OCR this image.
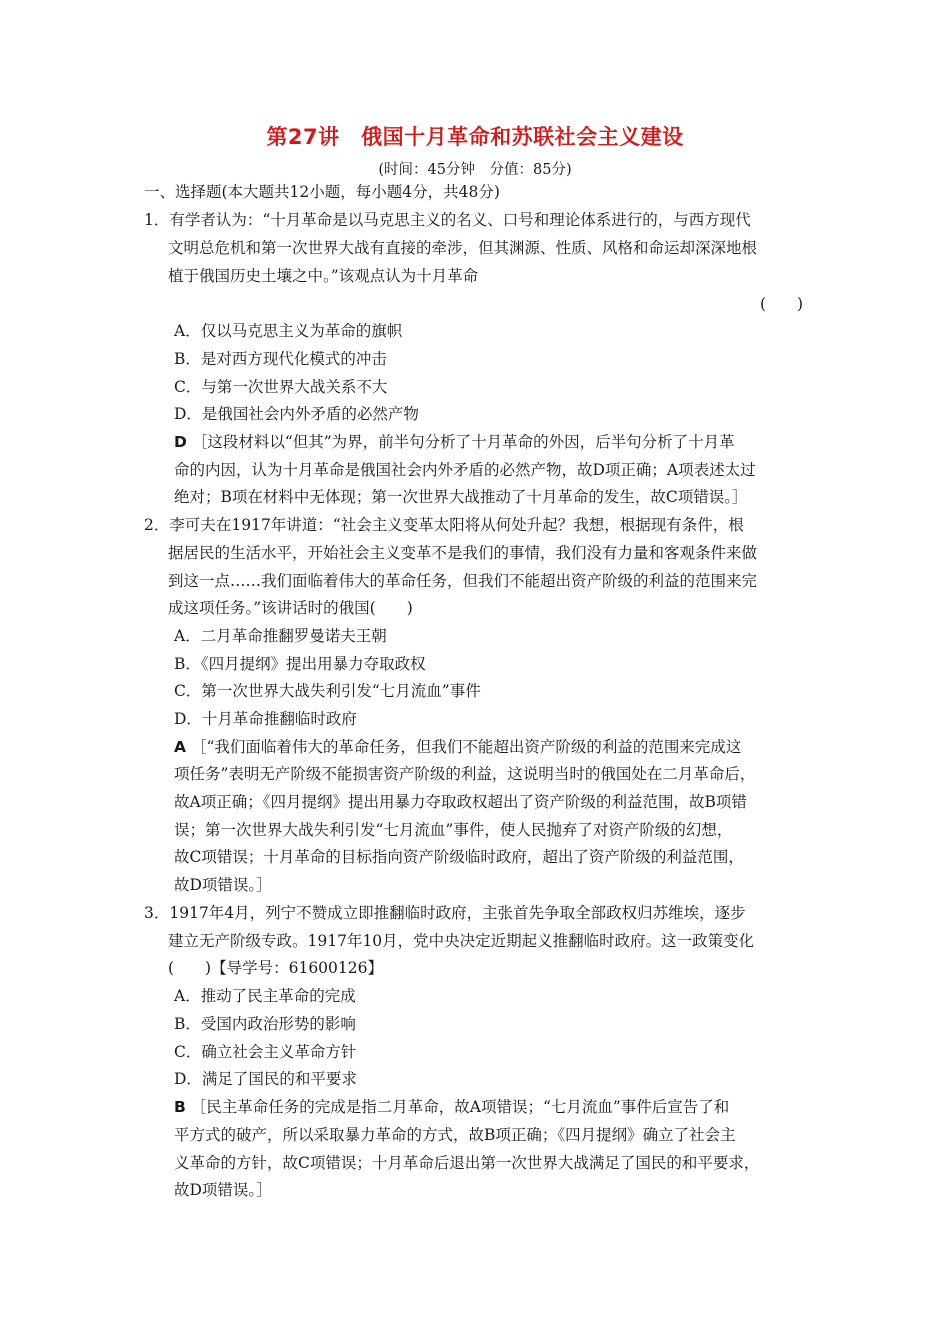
第27讲　俄国十月革命和苏联社会主义建设
(时间：45分钟　分值：85分)
一、选择题(本大题共12小题，每小题4分，共48分)
1．有学者认为：“十月革命是以马克思主义的名义、口号和理论体系进行的，与西方现代
文明总危机和第一次世界大战有直接的牵涉，但其渊源、性质、风格和命运却深深地根
植于俄国历史土壤之中。”该观点认为十月革命
(　　)
A．仅以马克思主义为革命的旗帜
B．是对西方现代化模式的冲击
C．与第一次世界大战关系不大
D．是俄国社会内外矛盾的必然产物
D ［这段材料以“但其”为界，前半句分析了十月革命的外因，后半句分析了十月革
命的内因，认为十月革命是俄国社会内外矛盾的必然产物，故D项正确；A项表述太过
绝对；B项在材料中无体现；第一次世界大战推动了十月革命的发生，故C项错误。］
2．李可夫在1917年讲道：“社会主义变革太阳将从何处升起？我想，根据现有条件，根
据居民的生活水平，开始社会主义变革不是我们的事情，我们没有力量和客观条件来做
到这一点……我们面临着伟大的革命任务，但我们不能超出资产阶级的利益的范围来完
成这项任务。”该讲话时的俄国(　　)
A．二月革命推翻罗曼诺夫王朝
B．《四月提纲》提出用暴力夺取政权
C．第一次世界大战失利引发“七月流血”事件
D．十月革命推翻临时政府
A ［“我们面临着伟大的革命任务，但我们不能超出资产阶级的利益的范围来完成这
项任务”表明无产阶级不能损害资产阶级的利益，这说明当时的俄国处在二月革命后，
故A项正确；《四月提纲》提出用暴力夺取政权超出了资产阶级的利益范围，故B项错
误；第一次世界大战失利引发“七月流血”事件，使人民抛弃了对资产阶级的幻想，
故C项错误；十月革命的目标指向资产阶级临时政府，超出了资产阶级的利益范围，
故D项错误。］
3．1917年4月，列宁不赞成立即推翻临时政府，主张首先争取全部政权归苏维埃，逐步
建立无产阶级专政。1917年10月，党中央决定近期起义推翻临时政府。这一政策变化
(　　)【导学号：61600126】
A．推动了民主革命的完成
B．受国内政治形势的影响
C．确立社会主义革命方针
D．满足了国民的和平要求
B ［民主革命任务的完成是指二月革命，故A项错误；“七月流血”事件后宣告了和
平方式的破产，所以采取暴力革命的方式，故B项正确；《四月提纲》确立了社会主
义革命的方针，故C项错误；十月革命后退出第一次世界大战满足了国民的和平要求，
故D项错误。］
